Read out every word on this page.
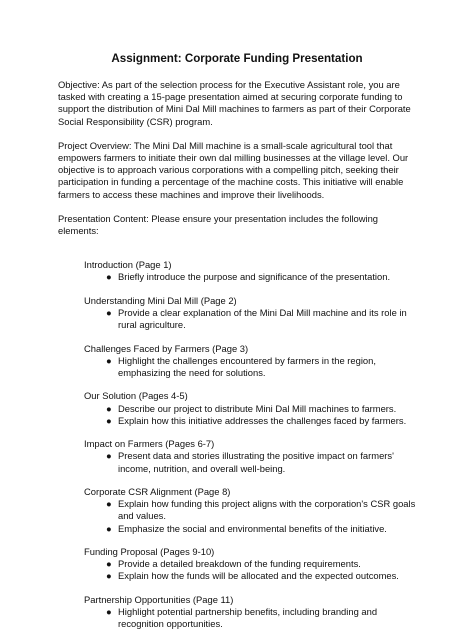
Assignment: Corporate Funding Presentation

Objective: As part of the selection process for the Executive Assistant role, you are tasked with creating a 15-page presentation aimed at securing corporate funding to support the distribution of Mini Dal Mill machines to farmers as part of their Corporate Social Responsibility (CSR) program.

Project Overview: The Mini Dal Mill machine is a small-scale agricultural tool that empowers farmers to initiate their own dal milling businesses at the village level. Our objective is to approach various corporations with a compelling pitch, seeking their participation in funding a percentage of the machine costs. This initiative will enable farmers to access these machines and improve their livelihoods.

Presentation Content: Please ensure your presentation includes the following elements:

Introduction (Page 1)
● Briefly introduce the purpose and significance of the presentation.
Understanding Mini Dal Mill (Page 2)
● Provide a clear explanation of the Mini Dal Mill machine and its role in rural agriculture.
Challenges Faced by Farmers (Page 3)
● Highlight the challenges encountered by farmers in the region, emphasizing the need for solutions.
Our Solution (Pages 4-5)
● Describe our project to distribute Mini Dal Mill machines to farmers.
● Explain how this initiative addresses the challenges faced by farmers.
Impact on Farmers (Pages 6-7)
● Present data and stories illustrating the positive impact on farmers' income, nutrition, and overall well-being.
Corporate CSR Alignment (Page 8)
● Explain how funding this project aligns with the corporation's CSR goals and values.
● Emphasize the social and environmental benefits of the initiative.
Funding Proposal (Pages 9-10)
● Provide a detailed breakdown of the funding requirements.
● Explain how the funds will be allocated and the expected outcomes.
Partnership Opportunities (Page 11)
● Highlight potential partnership benefits, including branding and recognition opportunities.
